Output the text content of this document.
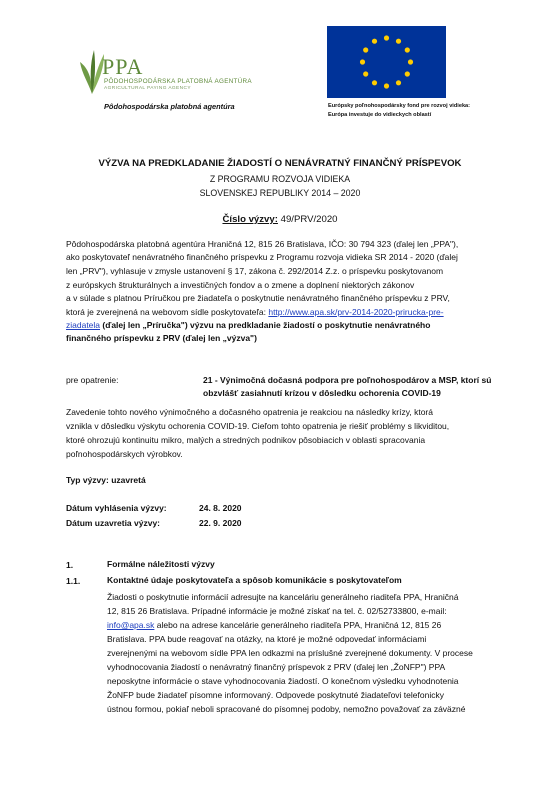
PPA
PÔDOHOSPODÁRSKA PLATOBNÁ AGENTÚRA
AGRICULTURAL PAYING AGENCY
Pôdohospodárska platobná agentúra	Európsky poľnohospodársky fond pre rozvoj vidieka:
Európa investuje do vidieckych oblastí
VÝZVA NA PREDKLADANIE ŽIADOSTÍ O NENÁVRATNÝ FINANČNÝ PRÍSPEVOK
Z PROGRAMU ROZVOJA VIDIEKA
SLOVENSKEJ REPUBLIKY 2014 – 2020
Číslo výzvy: 49/PRV/2020
Pôdohospodárska platobná agentúra Hraničná 12, 815 26 Bratislava, IČO: 30 794 323 (ďalej len „PPA"),
ako poskytovateľ nenávratného finančného príspevku z Programu rozvoja vidieka SR 2014 - 2020 (ďalej
len „PRV"), vyhlasuje v zmysle ustanovení § 17, zákona č. 292/2014 Z.z. o príspevku poskytovanom
z európskych štrukturálnych a investičných fondov a o zmene a doplnení niektorých zákonov
a v súlade s platnou Príručkou pre žiadateľa o poskytnutie nenávratného finančného príspevku z PRV,
ktorá je zverejnená na webovom sídle poskytovateľa: http://www.apa.sk/prv-2014-2020-prirucka-pre-
ziadatela (ďalej len „Príručka") výzvu na predkladanie žiadostí o poskytnutie nenávratného
finančného príspevku z PRV (ďalej len „výzva")
pre opatrenie:	21 - Výnimočná dočasná podpora pre poľnohospodárov a MSP, ktorí sú
obzvlášť zasiahnutí krízou v dôsledku ochorenia COVID-19
Zavedenie tohto nového výnimočného a dočasného opatrenia je reakciou na následky krízy, ktorá
vznikla v dôsledku výskytu ochorenia COVID-19. Cieľom tohto opatrenia je riešiť problémy s likviditou,
ktoré ohrozujú kontinuitu mikro, malých a stredných podnikov pôsobiacich v oblasti spracovania
poľnohospodárskych výrobkov.
Typ výzvy: uzavretá
Dátum vyhlásenia výzvy:	24. 8. 2020
Dátum uzavretia výzvy:	22. 9. 2020
1.	Formálne náležitosti výzvy
1.1.	Kontaktné údaje poskytovateľa a spôsob komunikácie s poskytovateľom
Žiadosti o poskytnutie informácií adresujte na kanceláriu generálneho riaditeľa PPA, Hraničná
12, 815 26 Bratislava. Prípadné informácie je možné získať na tel. č. 02/52733800, e-mail:
info@apa.sk alebo na adrese kancelárie generálneho riaditeľa PPA, Hraničná 12, 815 26
Bratislava. PPA bude reagovať na otázky, na ktoré je možné odpovedať informáciami
zverejnenými na webovom sídle PPA len odkazmi na príslušné zverejnené dokumenty. V procese
vyhodnocovania žiadostí o nenávratný finančný príspevok z PRV (ďalej len „ŽoNFP") PPA
neposkytne informácie o stave vyhodnocovania žiadostí. O konečnom výsledku vyhodnotenia
ŽoNFP bude žiadateľ písomne informovaný. Odpovede poskytnuté žiadateľovi telefonicky
ústnou formou, pokiaľ neboli spracované do písomnej podoby, nemožno považovať za záväzné
